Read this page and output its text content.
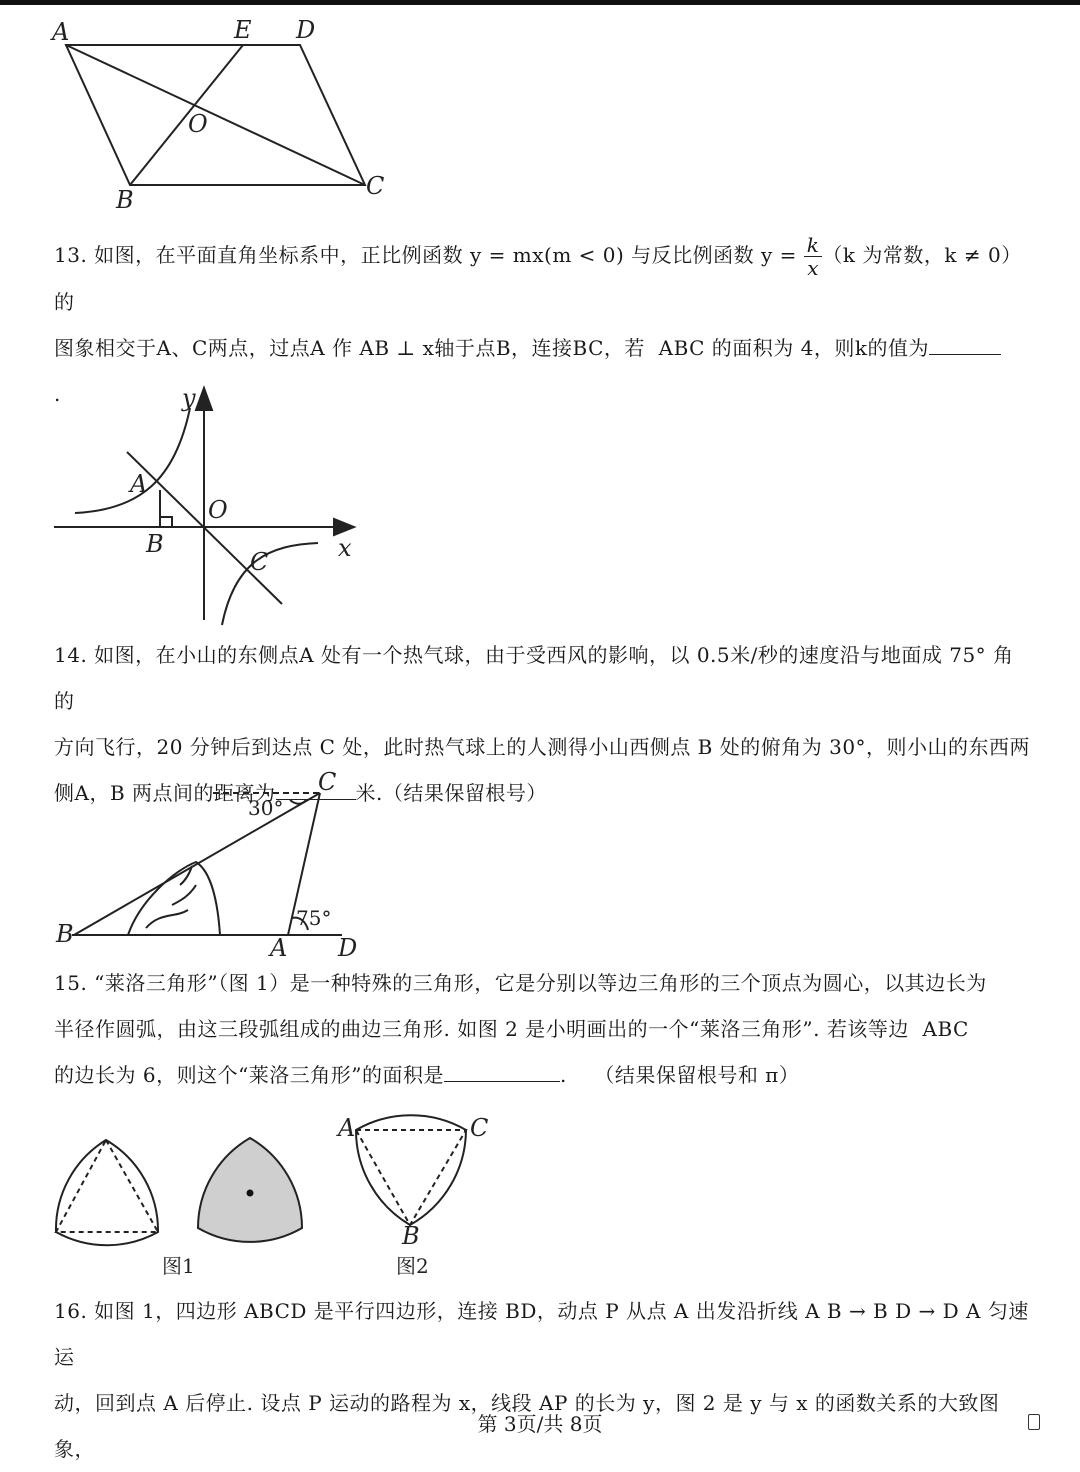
A	E D
O
B	C
13. 如图，在平面直角坐标系中，正比例函数 y = mx(m < 0) 与反比例函数 $y = \frac{k}{x} (k$ 为常数，k ≠ 0）的
图象相交于A、C两点，过点A 作 AB ⊥ x轴于点B，连接BC，若  ABC 的面积为 4，则k的值为
.	y
A
O
B	x
C
14. 如图，在小山的东侧点A 处有一个热气球，由于受西风的影响，以 0.5米/秒的速度沿与地面成 75° 角的
方向飞行，20 分钟后到达点 C 处，此时热气球上的人测得小山西侧点 B 处的俯角为 30°，则小山的东西两
侧A，B 两点间的距离为	米.（结果保留根号）
C
30°
B	A D
75°
15. “莱洛三角形”（图 1）是一种特殊的三角形，它是分别以等边三角形的三个顶点为圆心，以其边长为
半径作圆弧，由这三段弧组成的曲边三角形. 如图 2 是小明画出的一个“莱洛三角形”. 若该等边  ABC
的边长为 6，则这个“莱洛三角形”的面积是	.    （结果保留根号和 π）
图1	图2
A	C
B
16. 如图 1，四边形 ABCD 是平行四边形，连接 BD，动点 P 从点 A 出发沿折线 A B → B D → D A 匀速运
动，回到点 A 后停止. 设点 P 运动的路程为 x，线段 AP 的长为 y，图 2 是 y 与 x 的函数关系的大致图象，
第 3页/共 8页
